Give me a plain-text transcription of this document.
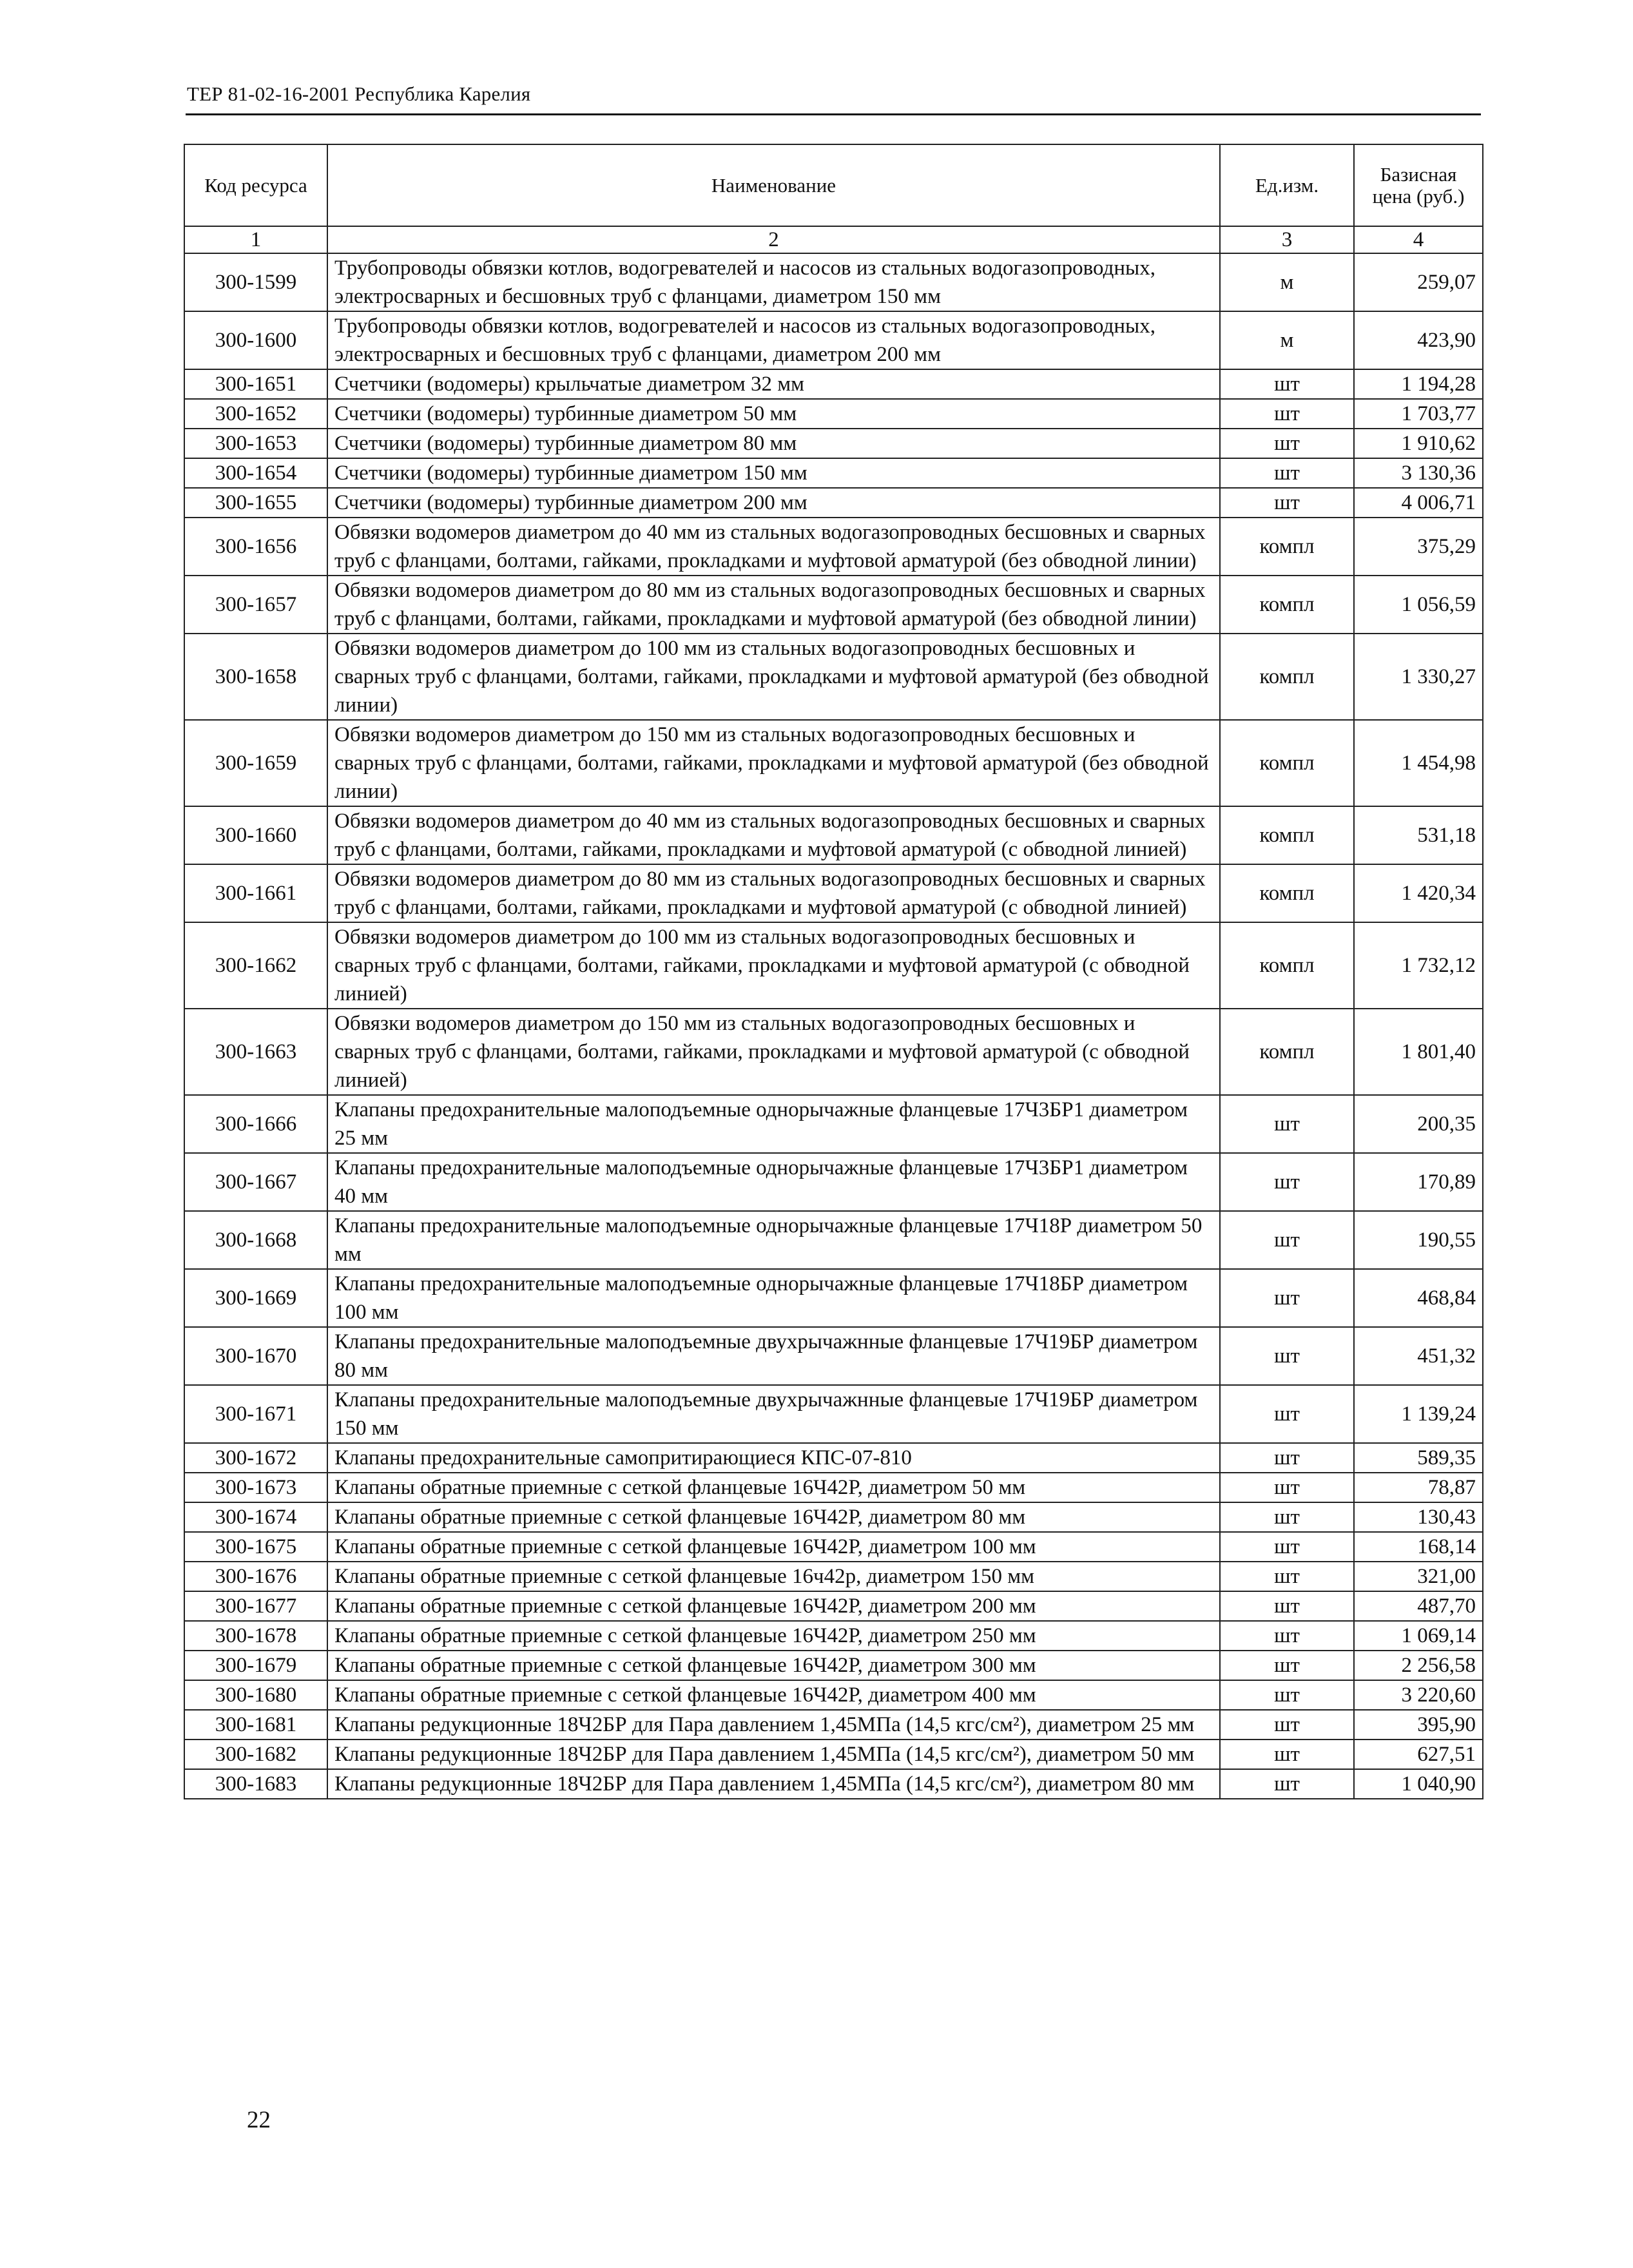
ТЕР 81-02-16-2001 Республика Карелия
Код ресурса	Наименование	Ед.изм.	Базисная цена (руб.)
1	2	3	4
300-1599	Трубопроводы обвязки котлов, водогревателей и насосов из стальных водогазопроводных, электросварных и бесшовных труб с фланцами, диаметром 150 мм	м	259,07
300-1600	Трубопроводы обвязки котлов, водогревателей и насосов из стальных водогазопроводных, электросварных и бесшовных труб с фланцами, диаметром 200 мм	м	423,90
300-1651	Счетчики (водомеры) крыльчатые диаметром 32 мм	шт	1 194,28
300-1652	Счетчики (водомеры) турбинные диаметром 50 мм	шт	1 703,77
300-1653	Счетчики (водомеры) турбинные диаметром 80 мм	шт	1 910,62
300-1654	Счетчики (водомеры) турбинные диаметром 150 мм	шт	3 130,36
300-1655	Счетчики (водомеры) турбинные диаметром 200 мм	шт	4 006,71
300-1656	Обвязки водомеров диаметром до 40 мм из стальных водогазопроводных бесшовных и сварных труб с фланцами, болтами, гайками, прокладками и муфтовой арматурой (без обводной линии)	компл	375,29
300-1657	Обвязки водомеров диаметром до 80 мм из стальных водогазопроводных бесшовных и сварных труб с фланцами, болтами, гайками, прокладками и муфтовой арматурой (без обводной линии)	компл	1 056,59
300-1658	Обвязки водомеров диаметром до 100 мм из стальных водогазопроводных бесшовных и сварных труб с фланцами, болтами, гайками, прокладками и муфтовой арматурой (без обводной линии)	компл	1 330,27
300-1659	Обвязки водомеров диаметром до 150 мм из стальных водогазопроводных бесшовных и сварных труб с фланцами, болтами, гайками, прокладками и муфтовой арматурой (без обводной линии)	компл	1 454,98
300-1660	Обвязки водомеров диаметром до 40 мм из стальных водогазопроводных бесшовных и сварных труб с фланцами, болтами, гайками, прокладками и муфтовой арматурой (с обводной линией)	компл	531,18
300-1661	Обвязки водомеров диаметром до 80 мм из стальных водогазопроводных бесшовных и сварных труб с фланцами, болтами, гайками, прокладками и муфтовой арматурой (с обводной линией)	компл	1 420,34
300-1662	Обвязки водомеров диаметром до 100 мм из стальных водогазопроводных бесшовных и сварных труб с фланцами, болтами, гайками, прокладками и муфтовой арматурой (с обводной линией)	компл	1 732,12
300-1663	Обвязки водомеров диаметром до 150 мм из стальных водогазопроводных бесшовных и сварных труб с фланцами, болтами, гайками, прокладками и муфтовой арматурой (с обводной линией)	компл	1 801,40
300-1666	Клапаны предохранительные малоподъемные однорычажные фланцевые 17Ч3БР1 диаметром 25 мм	шт	200,35
300-1667	Клапаны предохранительные малоподъемные однорычажные фланцевые 17Ч3БР1 диаметром 40 мм	шт	170,89
300-1668	Клапаны предохранительные малоподъемные однорычажные фланцевые 17Ч18Р диаметром 50 мм	шт	190,55
300-1669	Клапаны предохранительные малоподъемные однорычажные фланцевые 17Ч18БР диаметром 100 мм	шт	468,84
300-1670	Клапаны предохранительные малоподъемные двухрычажнные фланцевые 17Ч19БР диаметром 80 мм	шт	451,32
300-1671	Клапаны предохранительные малоподъемные двухрычажнные фланцевые 17Ч19БР диаметром 150 мм	шт	1 139,24
300-1672	Клапаны предохранительные самопритирающиеся КПС-07-810	шт	589,35
300-1673	Клапаны обратные приемные с сеткой фланцевые 16Ч42Р, диаметром 50 мм	шт	78,87
300-1674	Клапаны обратные приемные с сеткой фланцевые 16Ч42Р, диаметром 80 мм	шт	130,43
300-1675	Клапаны обратные приемные с сеткой фланцевые 16Ч42Р, диаметром 100 мм	шт	168,14
300-1676	Клапаны обратные приемные с сеткой фланцевые 16ч42р, диаметром 150 мм	шт	321,00
300-1677	Клапаны обратные приемные с сеткой фланцевые 16Ч42Р, диаметром 200 мм	шт	487,70
300-1678	Клапаны обратные приемные с сеткой фланцевые 16Ч42Р, диаметром 250 мм	шт	1 069,14
300-1679	Клапаны обратные приемные с сеткой фланцевые 16Ч42Р, диаметром 300 мм	шт	2 256,58
300-1680	Клапаны обратные приемные с сеткой фланцевые 16Ч42Р, диаметром 400 мм	шт	3 220,60
300-1681	Клапаны редукционные 18Ч2БР для Пара давлением 1,45МПа (14,5 кгс/см²), диаметром 25 мм	шт	395,90
300-1682	Клапаны редукционные 18Ч2БР для Пара давлением 1,45МПа (14,5 кгс/см²), диаметром 50 мм	шт	627,51
300-1683	Клапаны редукционные 18Ч2БР для Пара давлением 1,45МПа (14,5 кгс/см²), диаметром 80 мм	шт	1 040,90
22
